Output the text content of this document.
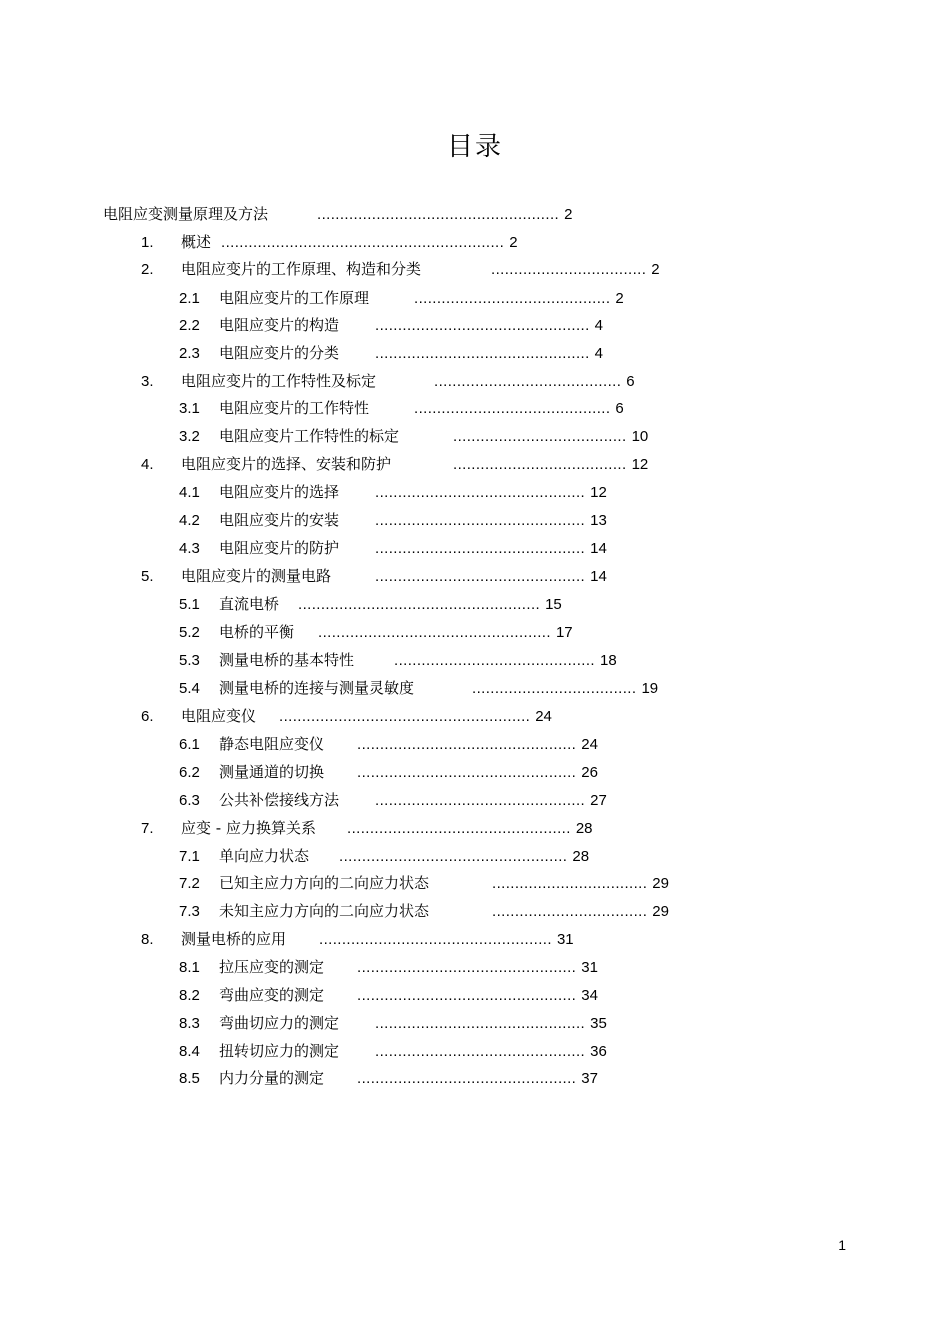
目录
电阻应变测量原理及方法	..................................................... 2
1. 概述 .............................................................. 2
2. 电阻应变片的工作原理、构造和分类	.................................. 2
2.1 电阻应变片的工作原理	........................................... 2
2.2 电阻应变片的构造 ............................................... 4
2.3 电阻应变片的分类 ............................................... 4
3. 电阻应变片的工作特性及标定	......................................... 6
3.1 电阻应变片的工作特性	........................................... 6
3.2 电阻应变片工作特性的标定	...................................... 10
4. 电阻应变片的选择、安装和防护	...................................... 12
4.1 电阻应变片的选择 .............................................. 12
4.2 电阻应变片的安装 .............................................. 13
4.3 电阻应变片的防护 .............................................. 14
5. 电阻应变片的测量电路	.............................................. 14
5.1 直流电桥 ..................................................... 15
5.2 电桥的平衡 ................................................... 17
5.3 测量电桥的基本特性	............................................ 18
5.4 测量电桥的连接与测量灵敏度	.................................... 19
6. 电阻应变仪 ....................................................... 24
6.1 静态电阻应变仪 ................................................ 24
6.2 测量通道的切换 ................................................ 26
6.3 公共补偿接线方法 .............................................. 27
7. 应变 - 应力换算关系 ................................................. 28
7.1 单向应力状态 .................................................. 28
7.2 已知主应力方向的二向应力状态	.................................. 29
7.3 未知主应力方向的二向应力状态	.................................. 29
8. 测量电桥的应用 ................................................... 31
8.1 拉压应变的测定 ................................................ 31
8.2 弯曲应变的测定 ................................................ 34
8.3 弯曲切应力的测定 .............................................. 35
8.4 扭转切应力的测定 .............................................. 36
8.5 内力分量的测定 ................................................ 37
1
